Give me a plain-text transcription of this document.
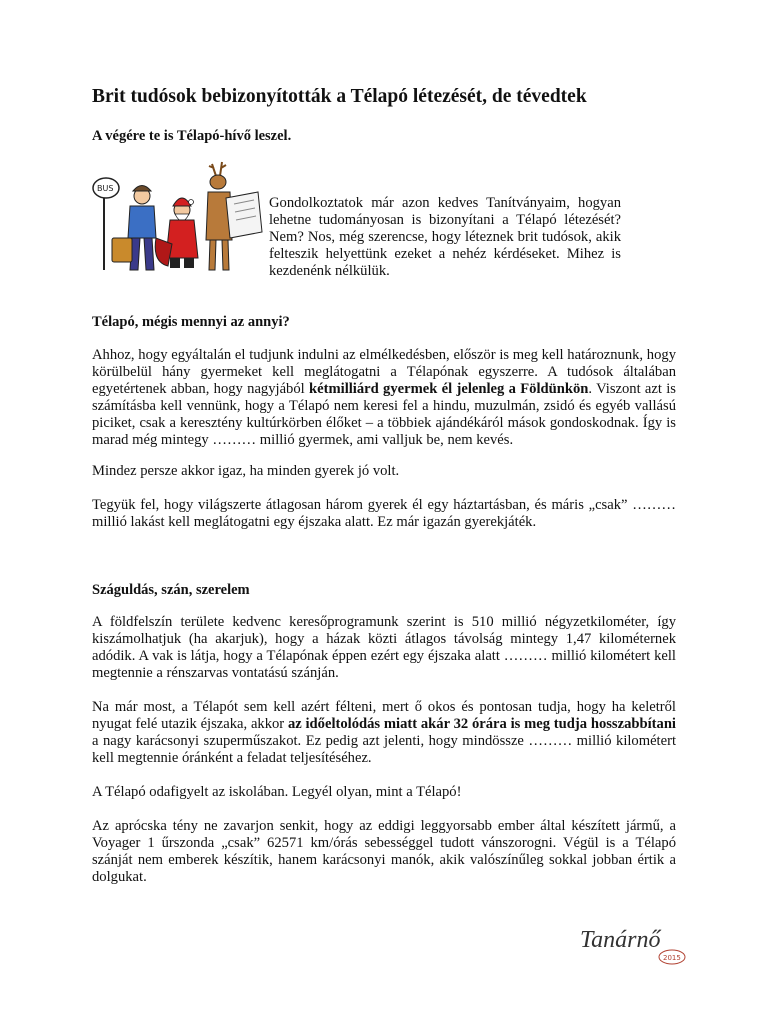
Brit tudósok bebizonyították a Télapó létezését, de tévedtek

A végére te is Télapó-hívő leszel.

BUS

Gondolkoztatok már azon kedves Tanítványaim, hogyan lehetne tudományosan is bizonyítani a Télapó létezését? Nem? Nos, még szerencse, hogy léteznek brit tudósok, akik felteszik helyettünk ezeket a nehéz kérdéseket. Mihez is kezdenénk nélkülük.

Télapó, mégis mennyi az annyi?

Ahhoz, hogy egyáltalán el tudjunk indulni az elmélkedésben, először is meg kell határoznunk, hogy körülbelül hány gyermeket kell meglátogatni a Télapónak egyszerre. A tudósok általában egyetértenek abban, hogy nagyjából kétmilliárd gyermek él jelenleg a Földünkön. Viszont azt is számításba kell vennünk, hogy a Télapó nem keresi fel a hindu, muzulmán, zsidó és egyéb vallású piciket, csak a keresztény kultúrkörben élőket – a többiek ajándékáról mások gondoskodnak. Így is marad még mintegy ……… millió gyermek, ami valljuk be, nem kevés.

Mindez persze akkor igaz, ha minden gyerek jó volt.

Tegyük fel, hogy világszerte átlagosan három gyerek él egy háztartásban, és máris „csak” ……… millió lakást kell meglátogatni egy éjszaka alatt. Ez már igazán gyerekjáték.

Száguldás, szán, szerelem

A földfelszín területe kedvenc keresőprogramunk szerint is 510 millió négyzetkilométer, így kiszámolhatjuk (ha akarjuk), hogy a házak közti átlagos távolság mintegy 1,47 kilométernek adódik. A vak is látja, hogy a Télapónak éppen ezért egy éjszaka alatt ……… millió kilométert kell megtennie a rénszarvas vontatású szánján.

Na már most, a Télapót sem kell azért félteni, mert ő okos és pontosan tudja, hogy ha keletről nyugat felé utazik éjszaka, akkor az időeltolódás miatt akár 32 órára is meg tudja hosszabbítani a nagy karácsonyi szuperműszakot. Ez pedig azt jelenti, hogy mindössze ……… millió kilométert kell megtennie óránként a feladat teljesítéséhez.

A Télapó odafigyelt az iskolában. Legyél olyan, mint a Télapó!

Az aprócska tény ne zavarjon senkit, hogy az eddigi leggyorsabb ember által készített jármű, a Voyager 1 űrszonda „csak” 62571 km/órás sebességgel tudott vánszorogni. Végül is a Télapó szánját nem emberek készítik, hanem karácsonyi manók, akik valószínűleg sokkal jobban értik a dolgukat.

Tanárnő
2015
